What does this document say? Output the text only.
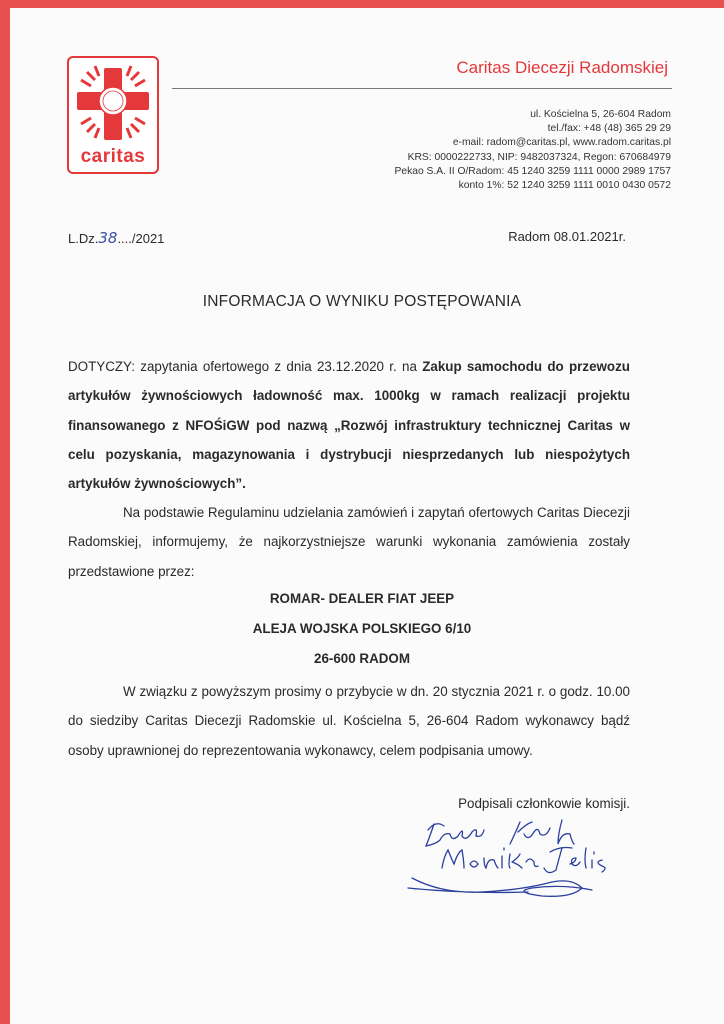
caritas
Caritas Diecezji Radomskiej
ul. Kościelna 5, 26-604 Radom
tel./fax: +48 (48) 365 29 29
e-mail: radom@caritas.pl, www.radom.caritas.pl
KRS: 0000222733, NIP: 9482037324, Regon: 670684979
Pekao S.A. II O/Radom: 45 1240 3259 1111 0000 2989 1757
konto 1%: 52 1240 3259 1111 0010 0430 0572
L.Dz.38..../2021	Radom 08.01.2021r.
INFORMACJA O WYNIKU POSTĘPOWANIA
DOTYCZY: zapytania ofertowego z dnia 23.12.2020 r. na Zakup samochodu do przewozu artykułów żywnościowych ładowność max. 1000kg w ramach realizacji projektu finansowanego z NFOŚiGW pod nazwą „Rozwój infrastruktury technicznej Caritas w celu pozyskania, magazynowania i dystrybucji niesprzedanych lub niespożytych artykułów żywnościowych”.
Na podstawie Regulaminu udzielania zamówień i zapytań ofertowych Caritas Diecezji Radomskiej, informujemy, że najkorzystniejsze warunki wykonania zamówienia zostały przedstawione przez:
ROMAR- DEALER FIAT JEEP
ALEJA WOJSKA POLSKIEGO 6/10
26-600 RADOM
W związku z powyższym prosimy o przybycie w dn. 20 stycznia 2021 r. o godz. 10.00 do siedziby Caritas Diecezji Radomskie ul. Kościelna 5, 26-604 Radom wykonawcy bądź osoby uprawnionej do reprezentowania wykonawcy, celem podpisania umowy.
Podpisali członkowie komisji.
